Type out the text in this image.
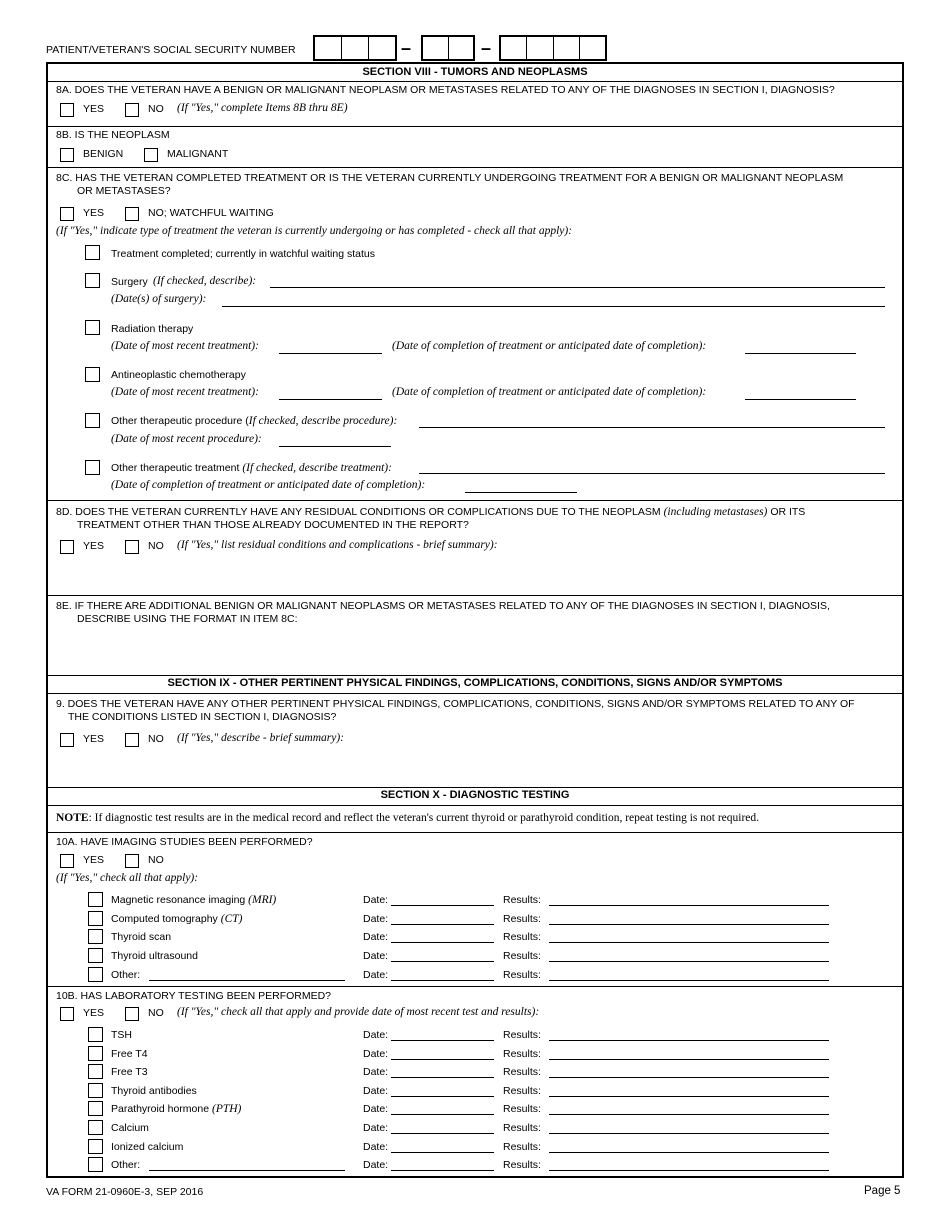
PATIENT/VETERAN'S SOCIAL SECURITY NUMBER	–	–
SECTION VIII - TUMORS AND NEOPLASMS
8A. DOES THE VETERAN HAVE A BENIGN OR MALIGNANT NEOPLASM OR METASTASES RELATED TO ANY OF THE DIAGNOSES IN SECTION I, DIAGNOSIS?
YES	NO (If "Yes," complete Items 8B thru 8E)
8B. IS THE NEOPLASM
BENIGN	MALIGNANT
8C. HAS THE VETERAN COMPLETED TREATMENT OR IS THE VETERAN CURRENTLY UNDERGOING TREATMENT FOR A BENIGN OR MALIGNANT NEOPLASM
OR METASTASES?
YES	NO; WATCHFUL WAITING
(If "Yes," indicate type of treatment the veteran is currently undergoing or has completed - check all that apply):
Treatment completed; currently in watchful waiting status
Surgery (If checked, describe):
(Date(s) of surgery):
Radiation therapy
(Date of most recent treatment):	(Date of completion of treatment or anticipated date of completion):
Antineoplastic chemotherapy
(Date of most recent treatment):	(Date of completion of treatment or anticipated date of completion):
Other therapeutic procedure (If checked, describe procedure):
(Date of most recent procedure):
Other therapeutic treatment (If checked, describe treatment):
(Date of completion of treatment or anticipated date of completion):
8D. DOES THE VETERAN CURRENTLY HAVE ANY RESIDUAL CONDITIONS OR COMPLICATIONS DUE TO THE NEOPLASM (including metastases) OR ITS
TREATMENT OTHER THAN THOSE ALREADY DOCUMENTED IN THE REPORT?
YES	NO (If "Yes," list residual conditions and complications - brief summary):
8E. IF THERE ARE ADDITIONAL BENIGN OR MALIGNANT NEOPLASMS OR METASTASES RELATED TO ANY OF THE DIAGNOSES IN SECTION I, DIAGNOSIS,
DESCRIBE USING THE FORMAT IN ITEM 8C:
SECTION IX - OTHER PERTINENT PHYSICAL FINDINGS, COMPLICATIONS, CONDITIONS, SIGNS AND/OR SYMPTOMS
9. DOES THE VETERAN HAVE ANY OTHER PERTINENT PHYSICAL FINDINGS, COMPLICATIONS, CONDITIONS, SIGNS AND/OR SYMPTOMS RELATED TO ANY OF
THE CONDITIONS LISTED IN SECTION I, DIAGNOSIS?
YES	NO (If "Yes," describe - brief summary):
SECTION X - DIAGNOSTIC TESTING
NOTE: If diagnostic test results are in the medical record and reflect the veteran's current thyroid or parathyroid condition, repeat testing is not required.
10A. HAVE IMAGING STUDIES BEEN PERFORMED?
YES	NO
(If "Yes," check all that apply):
Magnetic resonance imaging (MRI)	Date:	Results:
Computed tomography (CT)	Date:	Results:
Thyroid scan	Date:	Results:
Thyroid ultrasound	Date:	Results:
Other:	Date:	Results:
10B. HAS LABORATORY TESTING BEEN PERFORMED?
YES	NO (If "Yes," check all that apply and provide date of most recent test and results):
TSH	Date:	Results:
Free T4	Date:	Results:
Free T3	Date:	Results:
Thyroid antibodies	Date:	Results:
Parathyroid hormone (PTH)	Date:	Results:
Calcium	Date:	Results:
Ionized calcium	Date:	Results:
Other:	Date:	Results:
VA FORM 21-0960E-3, SEP 2016	Page 5
